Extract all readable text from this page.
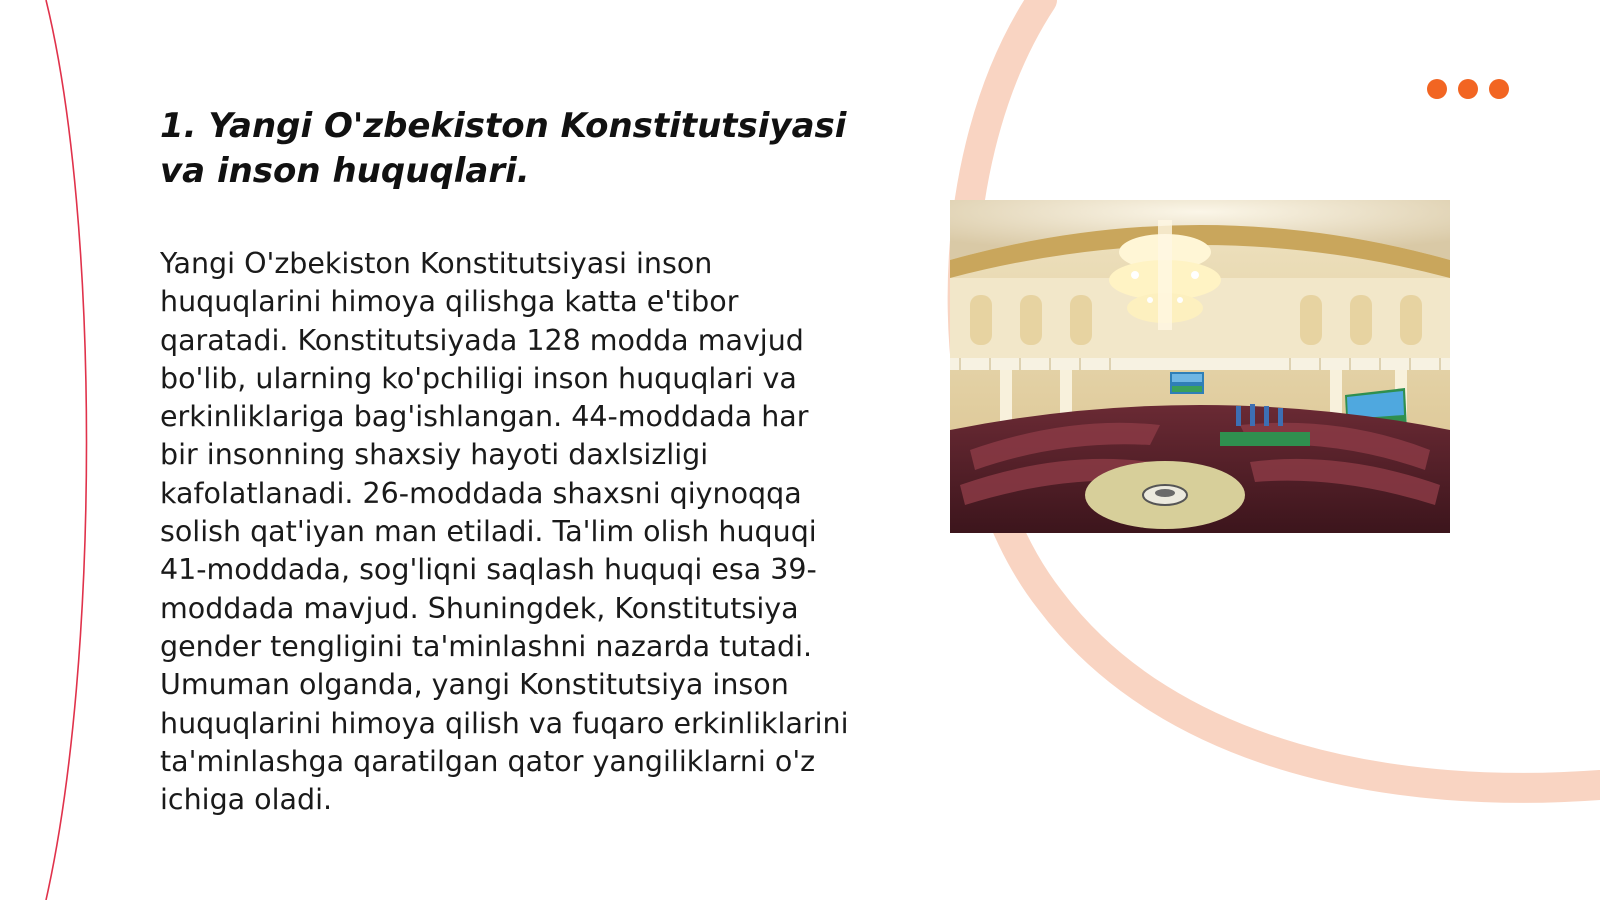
1. Yangi O'zbekiston Konstitutsiyasi va inson huquqlari.

Yangi O'zbekiston Konstitutsiyasi inson huquqlarini himoya qilishga katta e'tibor qaratadi. Konstitutsiyada 128 modda mavjud bo'lib, ularning ko'pchiligi inson huquqlari va erkinliklariga bag'ishlangan. 44-moddada har bir insonning shaxsiy hayoti daxlsizligi kafolatlanadi. 26-moddada shaxsni qiynoqqa solish qat'iyan man etiladi. Ta'lim olish huquqi 41-moddada, sog'liqni saqlash huquqi esa 39-moddada mavjud. Shuningdek, Konstitutsiya gender tengligini ta'minlashni nazarda tutadi. Umuman olganda, yangi Konstitutsiya inson huquqlarini himoya qilish va fuqaro erkinliklarini ta'minlashga qaratilgan qator yangiliklarni o'z ichiga oladi.
